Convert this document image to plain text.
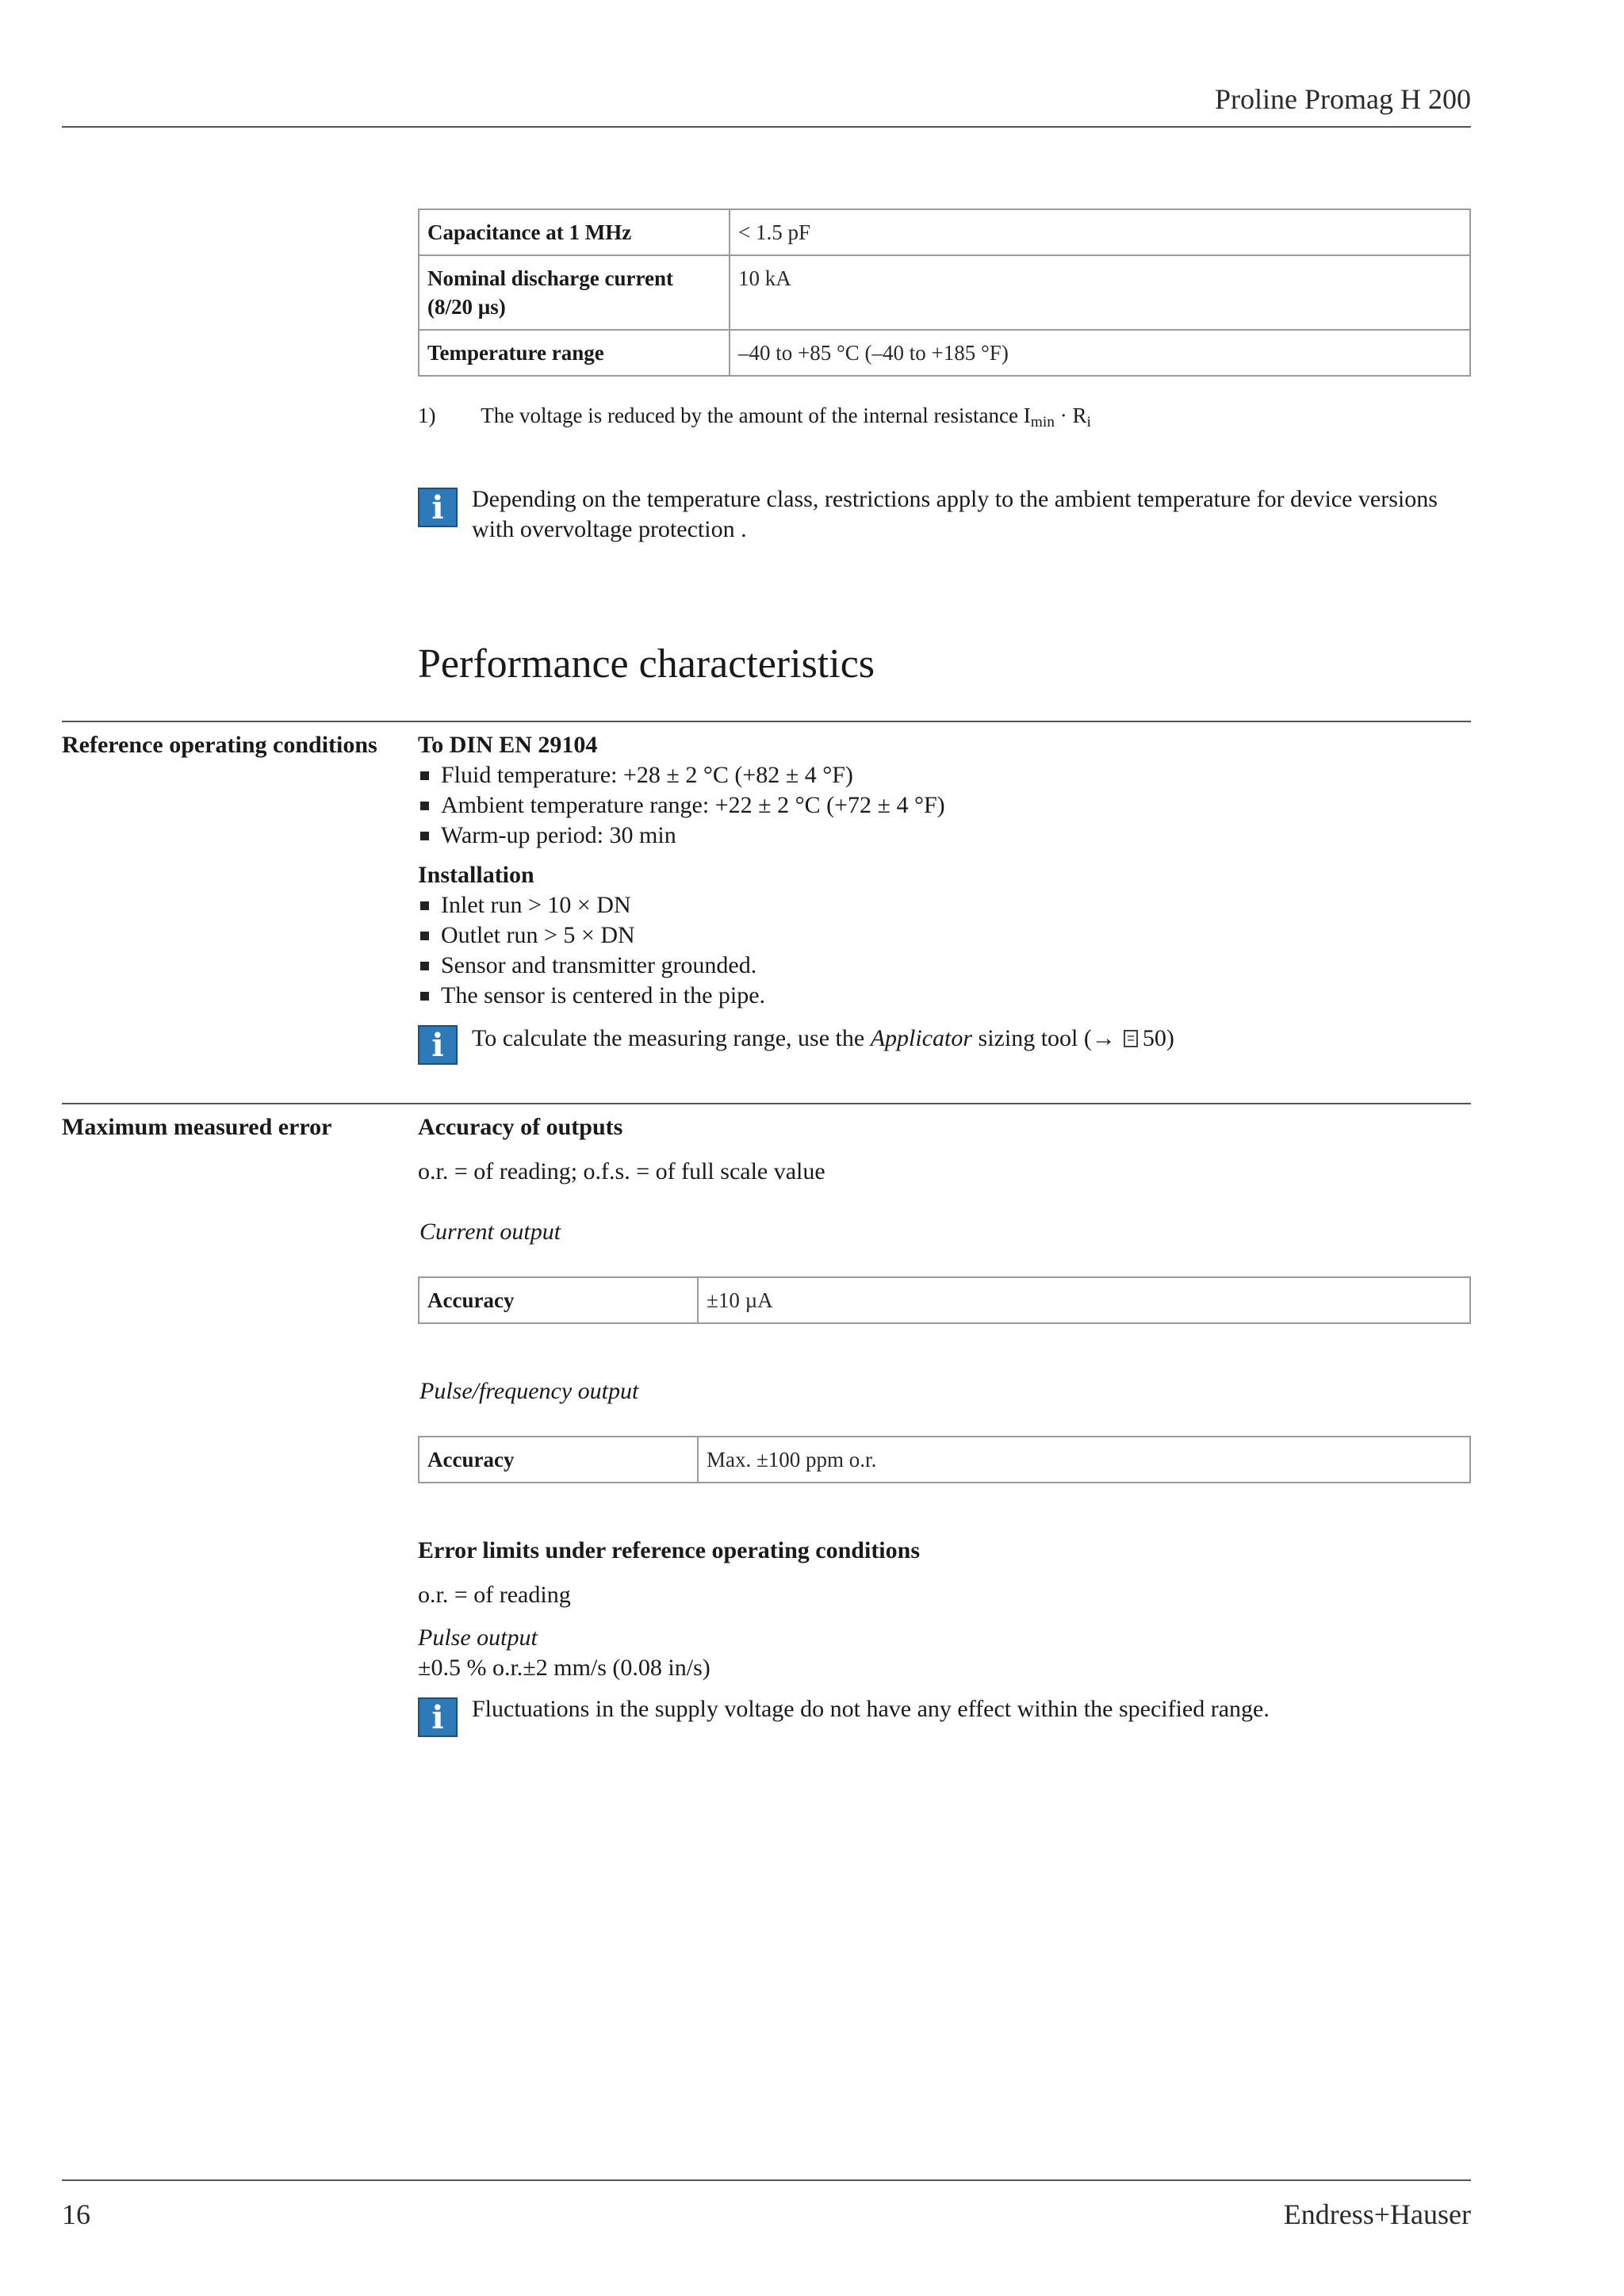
Proline Promag H 200
Capacitance at 1 MHz	< 1.5 pF
Nominal discharge current (8/20 µs)	10 kA
Temperature range	–40 to +85 °C (–40 to +185 °F)
1) The voltage is reduced by the amount of the internal resistance $I_{min} \cdot R_i$
i	Depending on the temperature class, restrictions apply to the ambient temperature for device versions with overvoltage protection .
Performance characteristics
Reference operating conditions To DIN EN 29104
Fluid temperature: +28 ± 2 °C (+82 ± 4 °F)
Ambient temperature range: +22 ± 2 °C (+72 ± 4 °F)
Warm-up period: 30 min
Installation
Inlet run > 10 × DN
Outlet run > 5 × DN
Sensor and transmitter grounded.
The sensor is centered in the pipe.
i	To calculate the measuring range, use the Applicator sizing tool (→ 50)
Maximum measured error	Accuracy of outputs
o.r. = of reading; o.f.s. = of full scale value
Current output
Accuracy	±10 µA
Pulse/frequency output
Accuracy	Max. ±100 ppm o.r.
Error limits under reference operating conditions
o.r. = of reading
Pulse output
±0.5 % o.r.±2 mm/s (0.08 in/s)
i	Fluctuations in the supply voltage do not have any effect within the specified range.
16	Endress+Hauser
